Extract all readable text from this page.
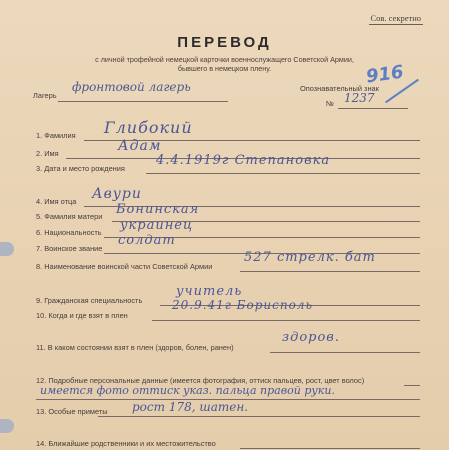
Сов. секретно
ПЕРЕВОД
с личной трофейной немецкой карточки военнослужащего Советской Армии,
бывшего в немецком плену.
Лагерь
фронтовой лагерь	Опознавательный знак
№ 1237
916
1. Фамилия Глибокий
2. Имя	Адам
3. Дата и место рождения
4.4.1919г Степановка
4. Имя отца Авури
5. Фамилия матери Бонинская
6. Национальность украинец
7. Воинское звание
солдат
8. Наименование воинской части Советской Армии
527 стрелк. бат
9. Гражданская специальность
учитель
10. Когда и где взят в плен
20.9.41г Борисполь
11. В каком состоянии взят в плен (здоров, болен, ранен)
здоров.
12. Подробные персональные данные (имеется фотография, оттиск пальцев, рост, цвет волос)
имеется фото оттиск указ. пальца правой руки.
13. Особые приметы рост 178, шатен.
14. Ближайшие родственники и их местожительство
